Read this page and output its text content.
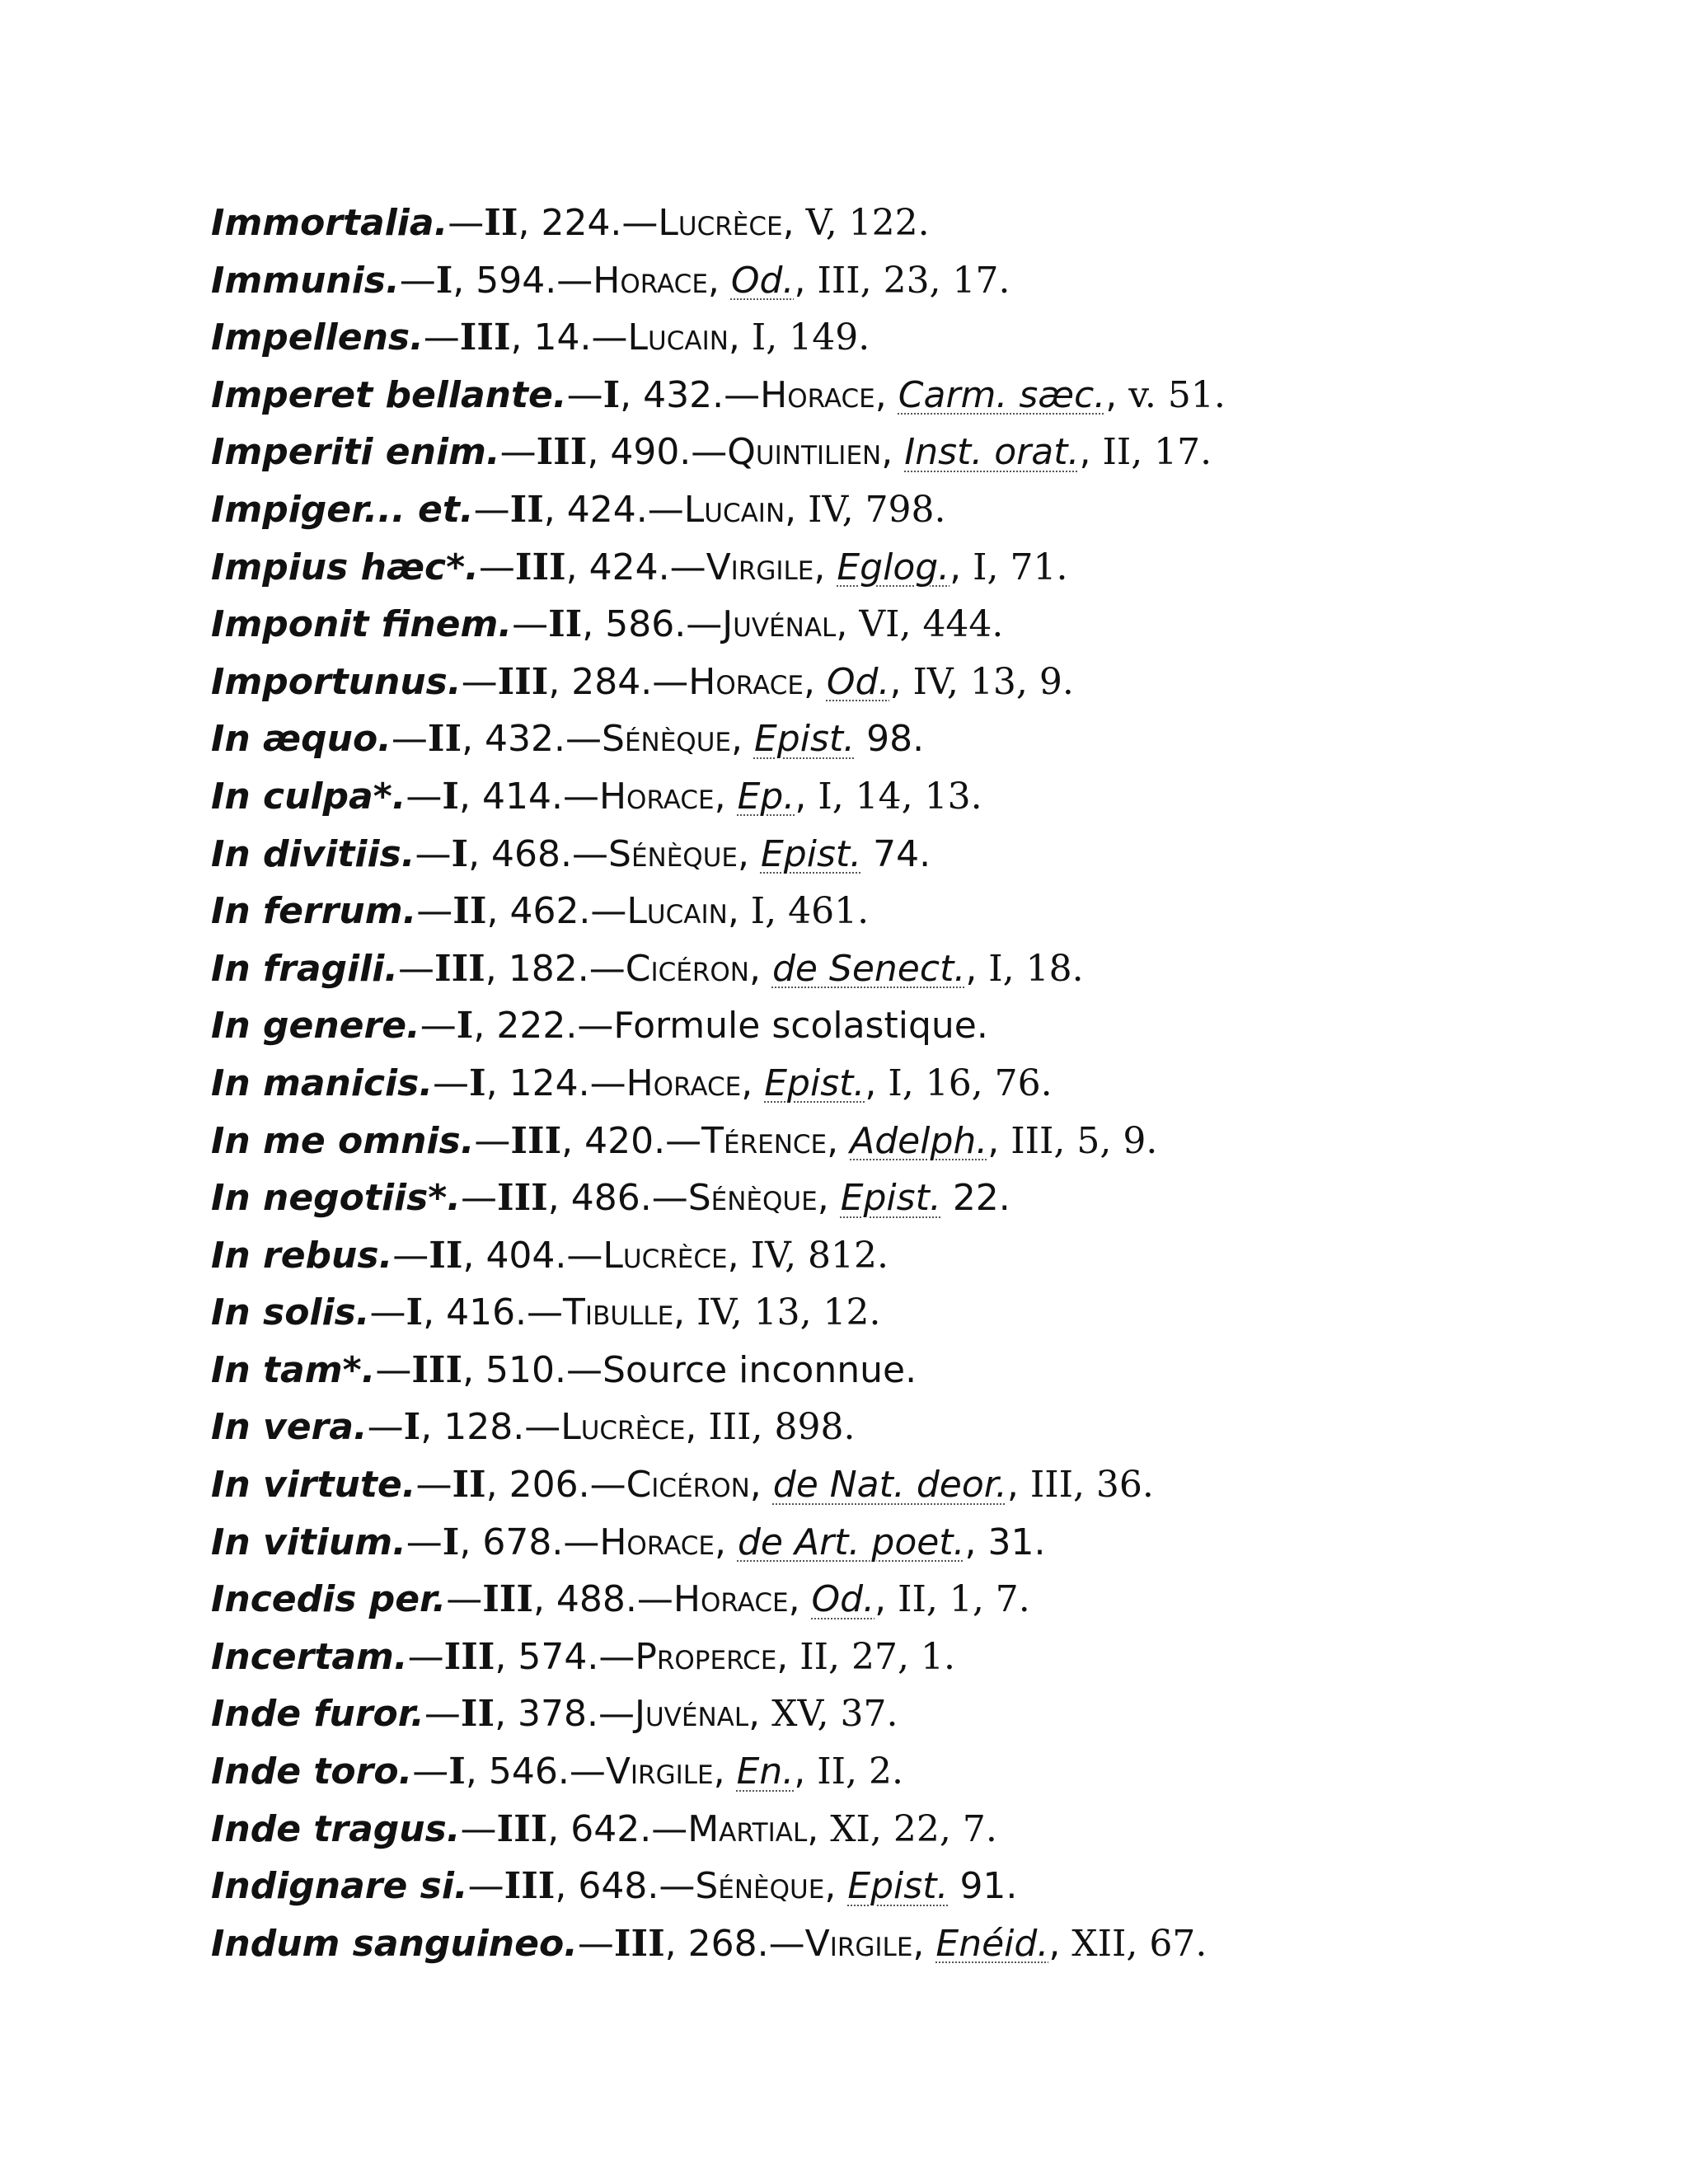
Immortalia.—II, 224.—Lucrèce, V, 122.
Immunis.—I, 594.—Horace, Od., III, 23, 17.
Impellens.—III, 14.—Lucain, I, 149.
Imperet bellante.—I, 432.—Horace, Carm. sæc., v. 51.
Imperiti enim.—III, 490.—Quintilien, Inst. orat., II, 17.
Impiger... et.—II, 424.—Lucain, IV, 798.
Impius hæc*.—III, 424.—Virgile, Eglog., I, 71.
Imponit finem.—II, 586.—Juvénal, VI, 444.
Importunus.—III, 284.—Horace, Od., IV, 13, 9.
In æquo.—II, 432.—Sénèque, Epist. 98.
In culpa*.—I, 414.—Horace, Ep., I, 14, 13.
In divitiis.—I, 468.—Sénèque, Epist. 74.
In ferrum.—II, 462.—Lucain, I, 461.
In fragili.—III, 182.—Cicéron, de Senect., I, 18.
In genere.—I, 222.—Formule scolastique.
In manicis.—I, 124.—Horace, Epist., I, 16, 76.
In me omnis.—III, 420.—Térence, Adelph., III, 5, 9.
In negotiis*.—III, 486.—Sénèque, Epist. 22.
In rebus.—II, 404.—Lucrèce, IV, 812.
In solis.—I, 416.—Tibulle, IV, 13, 12.
In tam*.—III, 510.—Source inconnue.
In vera.—I, 128.—Lucrèce, III, 898.
In virtute.—II, 206.—Cicéron, de Nat. deor., III, 36.
In vitium.—I, 678.—Horace, de Art. poet., 31.
Incedis per.—III, 488.—Horace, Od., II, 1, 7.
Incertam.—III, 574.—Properce, II, 27, 1.
Inde furor.—II, 378.—Juvénal, XV, 37.
Inde toro.—I, 546.—Virgile, En., II, 2.
Inde tragus.—III, 642.—Martial, XI, 22, 7.
Indignare si.—III, 648.—Sénèque, Epist. 91.
Indum sanguineo.—III, 268.—Virgile, Enéid., XII, 67.
